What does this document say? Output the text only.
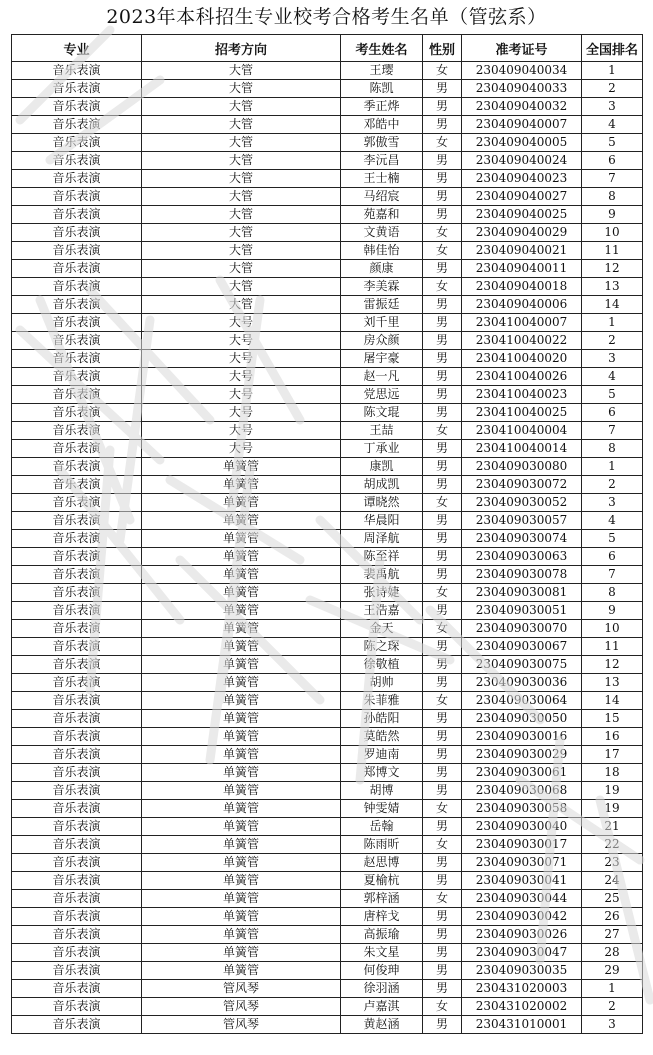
2023年本科招生专业校考合格考生名单（管弦系）
专业	招考方向	考生姓名	性别	准考证号	全国排名
音乐表演	大管	王璎	女	230409040034	1
音乐表演	大管	陈凯	男	230409040033	2
音乐表演	大管	季正烨	男	230409040032	3
音乐表演	大管	邓皓中	男	230409040007	4
音乐表演	大管	郭傲雪	女	230409040005	5
音乐表演	大管	李沅昌	男	230409040024	6
音乐表演	大管	王士楠	男	230409040023	7
音乐表演	大管	马绍宸	男	230409040027	8
音乐表演	大管	苑嘉和	男	230409040025	9
音乐表演	大管	文黄语	女	230409040029	10
音乐表演	大管	韩佳怡	女	230409040021	11
音乐表演	大管	颜康	男	230409040011	12
音乐表演	大管	李美霖	女	230409040018	13
音乐表演	大管	雷振廷	男	230409040006	14
音乐表演	大号	刘千里	男	230410040007	1
音乐表演	大号	房众颜	男	230410040022	2
音乐表演	大号	屠宇豪	男	230410040020	3
音乐表演	大号	赵一凡	男	230410040026	4
音乐表演	大号	党思远	男	230410040023	5
音乐表演	大号	陈文琨	男	230410040025	6
音乐表演	大号	王喆	女	230410040004	7
音乐表演	大号	丁承业	男	230410040014	8
音乐表演	单簧管	康凯	男	230409030080	1
音乐表演	单簧管	胡成凯	男	230409030072	2
音乐表演	单簧管	谭晓然	女	230409030052	3
音乐表演	单簧管	华晨阳	男	230409030057	4
音乐表演	单簧管	周泽航	男	230409030074	5
音乐表演	单簧管	陈至祥	男	230409030063	6
音乐表演	单簧管	裴禹航	男	230409030078	7
音乐表演	单簧管	张诗婕	女	230409030081	8
音乐表演	单簧管	王浩嘉	男	230409030051	9
音乐表演	单簧管	金天	女	230409030070	10
音乐表演	单簧管	陈之琛	男	230409030067	11
音乐表演	单簧管	徐敬植	男	230409030075	12
音乐表演	单簧管	胡帅	男	230409030036	13
音乐表演	单簧管	朱菲雅	女	230409030064	14
音乐表演	单簧管	孙皓阳	男	230409030050	15
音乐表演	单簧管	莫皓然	男	230409030016	16
音乐表演	单簧管	罗迪南	男	230409030029	17
音乐表演	单簧管	郑博文	男	230409030061	18
音乐表演	单簧管	胡博	男	230409030068	19
音乐表演	单簧管	钟雯婧	女	230409030058	19
音乐表演	单簧管	岳翰	男	230409030040	21
音乐表演	单簧管	陈雨昕	女	230409030017	22
音乐表演	单簧管	赵思博	男	230409030071	23
音乐表演	单簧管	夏榆杭	男	230409030041	24
音乐表演	单簧管	郭梓涵	女	230409030044	25
音乐表演	单簧管	唐梓戈	男	230409030042	26
音乐表演	单簧管	高振瑜	男	230409030026	27
音乐表演	单簧管	朱文星	男	230409030047	28
音乐表演	单簧管	何俊珅	男	230409030035	29
音乐表演	管风琴	徐羽涵	男	230431020003	1
音乐表演	管风琴	卢嘉淇	女	230431020002	2
音乐表演	管风琴	黄赵涵	男	230431010001	3
